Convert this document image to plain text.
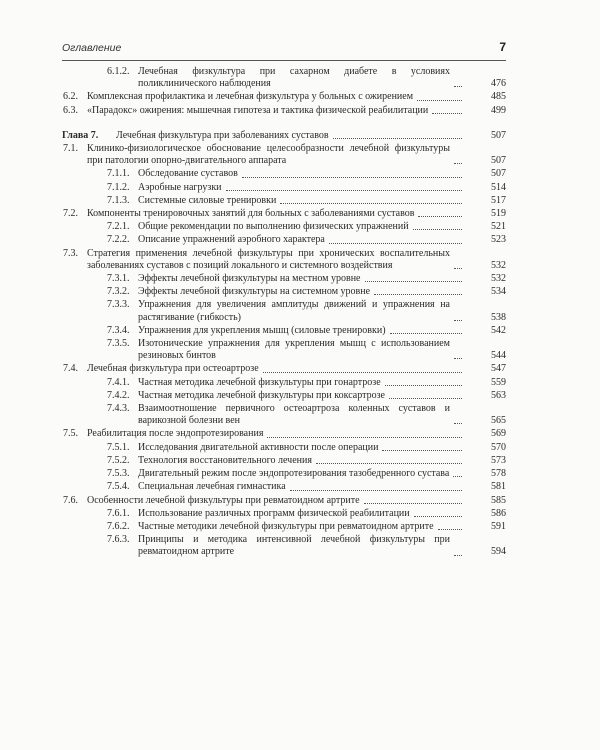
Оглавление	7
6.1.2. Лечебная физкультура при сахарном диабете в условиях поликлинического наблюдения	476
6.2. Комплексная профилактика и лечебная физкультура у больных с ожирением	485
6.3. «Парадокс» ожирения: мышечная гипотеза и тактика физической реабилитации	499
Глава 7. Лечебная физкультура при заболеваниях суставов	507
7.1. Клинико-физиологическое обоснование целесообразности лечебной физкультуры при патологии опорно-двигательного аппарата	507
7.1.1. Обследование суставов	507
7.1.2. Аэробные нагрузки	514
7.1.3. Системные силовые тренировки	517
7.2. Компоненты тренировочных занятий для больных с заболеваниями суставов	519
7.2.1. Общие рекомендации по выполнению физических упражнений	521
7.2.2. Описание упражнений аэробного характера	523
7.3. Стратегия применения лечебной физкультуры при хронических воспалительных заболеваниях суставов с позиций локального и системного воздействия	532
7.3.1. Эффекты лечебной физкультуры на местном уровне	532
7.3.2. Эффекты лечебной физкультуры на системном уровне	534
7.3.3. Упражнения для увеличения амплитуды движений и упражнения на растягивание (гибкость)	538
7.3.4. Упражнения для укрепления мышц (силовые тренировки)	542
7.3.5. Изотонические упражнения для укрепления мышц с использованием резиновых бинтов	544
7.4. Лечебная физкультура при остеоартрозе	547
7.4.1. Частная методика лечебной физкультуры при гонартрозе	559
7.4.2. Частная методика лечебной физкультуры при коксартрозе	563
7.4.3. Взаимоотношение первичного остеоартроза коленных суставов и варикозной болезни вен	565
7.5. Реабилитация после эндопротезирования	569
7.5.1. Исследования двигательной активности после операции	570
7.5.2. Технология восстановительного лечения	573
7.5.3. Двигательный режим после эндопротезирования тазобедренного сустава	578
7.5.4. Специальная лечебная гимнастика	581
7.6. Особенности лечебной физкультуры при ревматоидном артрите	585
7.6.1. Использование различных программ физической реабилитации	586
7.6.2. Частные методики лечебной физкультуры при ревматоидном артрите	591
7.6.3. Принципы и методика интенсивной лечебной физкультуры при ревматоидном артрите	594
